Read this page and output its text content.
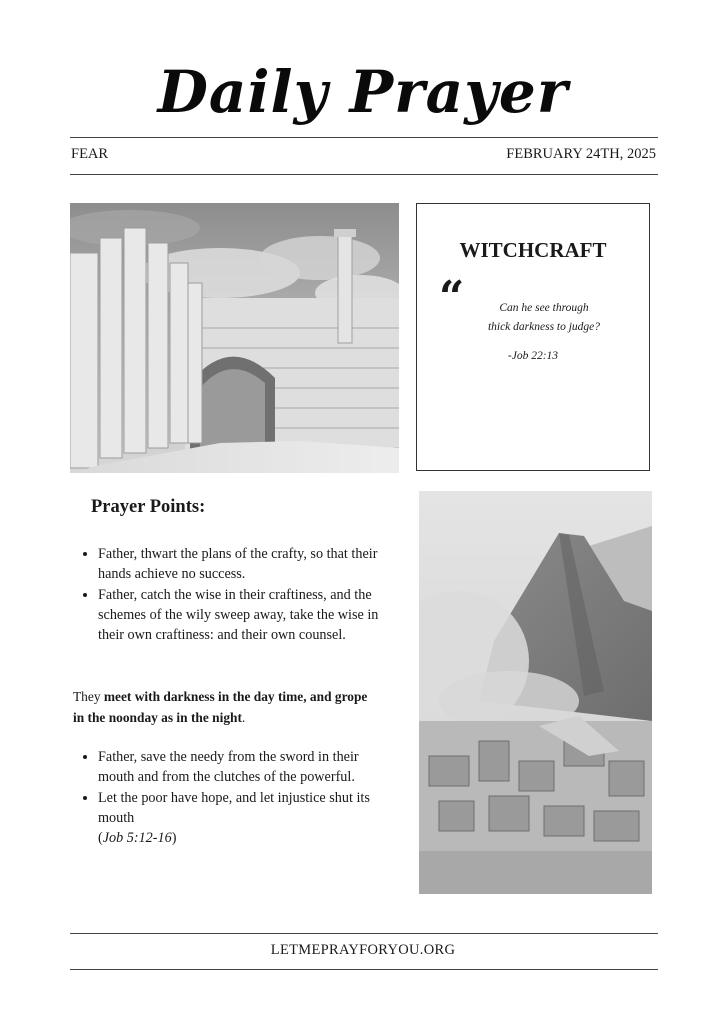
Daily Prayer
FEAR	FEBRUARY 24TH, 2025
WITCHCRAFT
“	Can he see through
thick darkness to judge?
-Job 22:13
Prayer Points:
• Father, thwart the plans of the crafty, so that their hands achieve no success.
• Father, catch the wise in their craftiness, and the schemes of the wily sweep away, take the wise in their own craftiness: and their own counsel.
They meet with darkness in the day time, and grope in the noonday as in the night.
• Father, save the needy from the sword in their mouth and from the clutches of the powerful.
• Let the poor have hope, and let injustice shut its mouth
(Job 5:12-16)
LETMEPRAYFORYOU.ORG
